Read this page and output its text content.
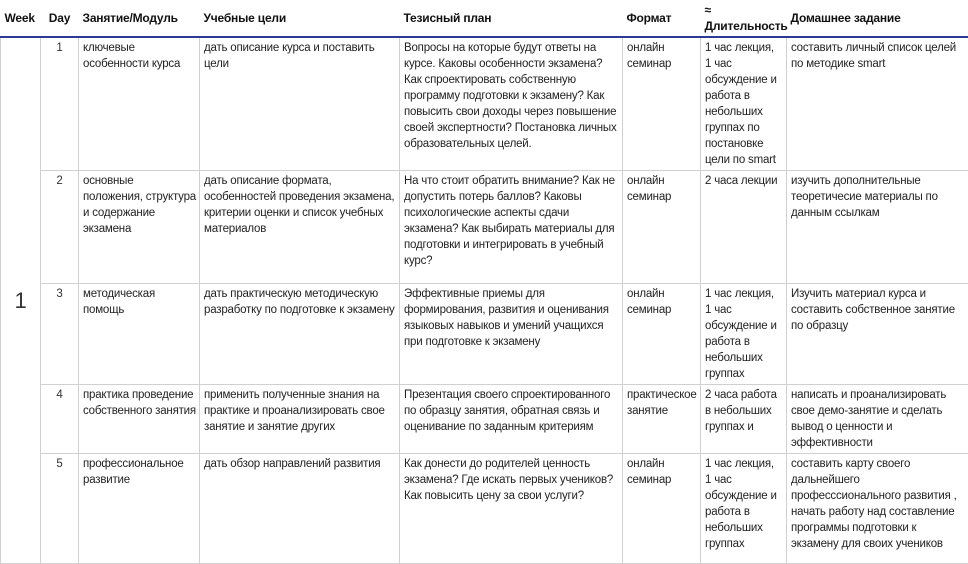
Week	Day	Занятие/Модуль	Учебные цели	Тезисный план	Формат	≈ Длительность	Домашнее задание
1	1	ключевые особенности курса	дать описание курса и поставить цели	Вопросы на которые будут ответы на курсе. Каковы особенности экзамена? Как спроектировать собственную программу подготовки к экзамену? Как повысить свои доходы через повышение своей экспертности? Постановка личных образовательных целей.	онлайн семинар	1 час лекция, 1 час обсуждение и работа в небольших группах по постановке цели по smart	составить личный список целей по методике smart
	2	основные положения, структура и содержание экзамена	дать описание формата, особенностей проведения экзамена, критерии оценки и список учебных материалов	На что стоит обратить внимание? Как не допустить потерь баллов? Каковы психологические аспекты сдачи экзамена? Как выбирать материалы для подготовки и интегрировать в учебный курс?	онлайн семинар	2 часа лекции	изучить дополнительные теоретичесие материалы по данным ссылкам
	3	методическая помощь	дать практическую методическую разработку по подготовке к экзамену	Эффективные приемы для формирования, развития и оценивания языковых навыков и умений учащихся при подготовке к экзамену	онлайн семинар	1 час лекция, 1 час обсуждение и работа в небольших группах	Изучить материал курса и составить собственное занятие по образцу
	4	практика проведение собственного занятия	применить полученные знания на практике и проанализировать свое занятие и занятие других	Презентация своего спроектированного по образцу занятия, обратная связь и оценивание по заданным критериям	практическое занятие	2 часа работа в небольших группах и	написать и проанализировать свое демо-занятие и сделать вывод о ценности и эффективности
	5	профессиональное развитие	дать обзор направлений развития	Как донести до родителей ценность экзамена? Где искать первых учеников? Как повысить цену за свои услуги?	онлайн семинар	1 час лекция, 1 час обсуждение и работа в небольших группах	составить карту своего дальнейшего професссионального развития , начать работу над составление программы подготовки к экзамену для своих учеников
